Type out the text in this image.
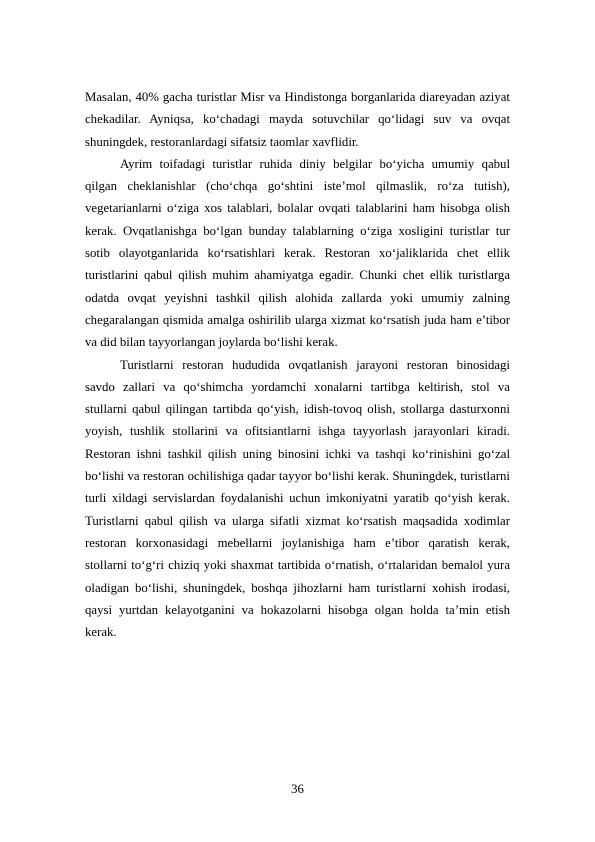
Masalan, 40% gacha turistlar Misr va Hindistonga borganlarida diareyadan aziyat chekadilar. Ayniqsa, ko‘chadagi mayda sotuvchilar qo‘lidagi suv va ovqat shuningdek, restoranlardagi sifatsiz taomlar xavflidir.

Ayrim toifadagi turistlar ruhida diniy belgilar bo‘yicha umumiy qabul qilgan cheklanishlar (cho‘chqa go‘shtini iste’mol qilmaslik, ro‘za tutish), vegetarianlarni o‘ziga xos talablari, bolalar ovqati talablarini ham hisobga olish kerak. Ovqatlanishga bo‘lgan bunday talablarning o‘ziga xosligini turistlar tur sotib olayotganlarida ko‘rsatishlari kerak. Restoran xo‘jaliklarida chet ellik turistlarini qabul qilish muhim ahamiyatga egadir. Chunki chet ellik turistlarga odatda ovqat yeyishni tashkil qilish alohida zallarda yoki umumiy zalning chegaralangan qismida amalga oshirilib ularga xizmat ko‘rsatish juda ham e’tibor va did bilan tayyorlangan joylarda bo‘lishi kerak.

Turistlarni restoran hududida ovqatlanish jarayoni restoran binosidagi savdo zallari va qo‘shimcha yordamchi xonalarni tartibga keltirish, stol va stullarni qabul qilingan tartibda qo‘yish, idish-tovoq olish, stollarga dasturxonni yoyish, tushlik stollarini va ofitsiantlarni ishga tayyorlash jarayonlari kiradi. Restoran ishni tashkil qilish uning binosini ichki va tashqi ko‘rinishini go‘zal bo‘lishi va restoran ochilishiga qadar tayyor bo‘lishi kerak. Shuningdek, turistlarni turli xildagi servislardan foydalanishi uchun imkoniyatni yaratib qo‘yish kerak. Turistlarni qabul qilish va ularga sifatli xizmat ko‘rsatish maqsadida xodimlar restoran korxonasidagi mebellarni joylanishiga ham e’tibor qaratish kerak, stollarni to‘g‘ri chiziq yoki shaxmat tartibida o‘rnatish, o‘rtalaridan bemalol yura oladigan bo‘lishi, shuningdek, boshqa jihozlarni ham turistlarni xohish irodasi, qaysi yurtdan kelayotganini va hokazolarni hisobga olgan holda ta’min etish kerak.

36
